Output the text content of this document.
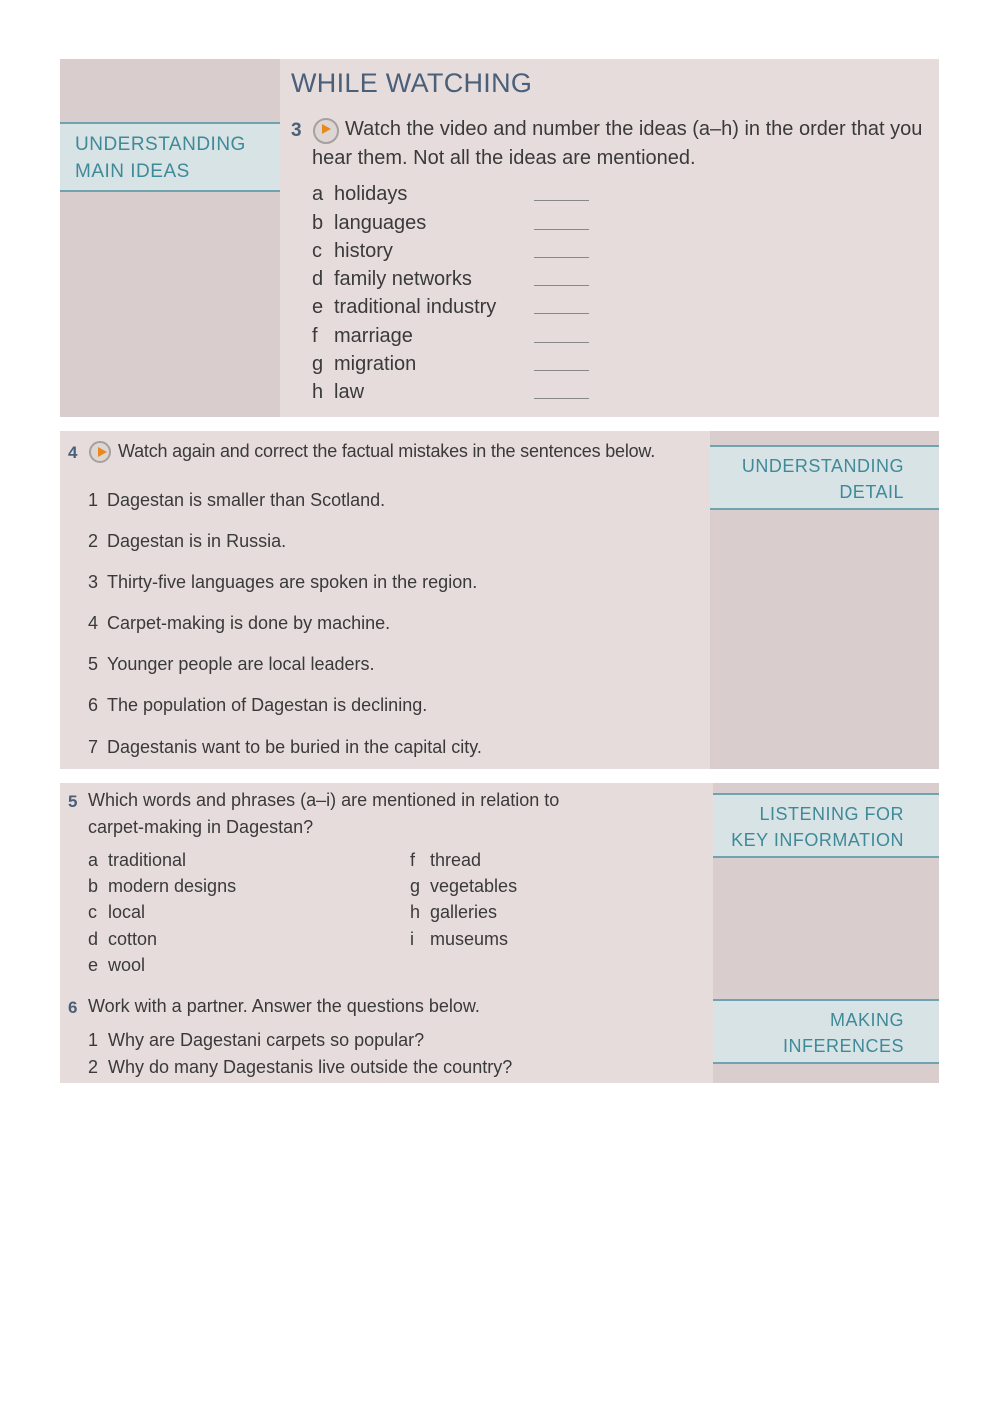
UNDERSTANDING
MAIN IDEAS
WHILE WATCHING
3 Watch the video and number the ideas (a–h) in the order that you
hear them. Not all the ideas are mentioned.
a holidays
b languages
c history
d family networks
e traditional industry
f marriage
g migration
h law
UNDERSTANDING
DETAIL
4 Watch again and correct the factual mistakes in the sentences below.
1 Dagestan is smaller than Scotland.
2 Dagestan is in Russia.
3 Thirty-five languages are spoken in the region.
4 Carpet-making is done by machine.
5 Younger people are local leaders.
6 The population of Dagestan is declining.
7 Dagestanis want to be buried in the capital city.
LISTENING FOR
KEY INFORMATION
MAKING
INFERENCES
5 Which words and phrases (a–i) are mentioned in relation to
carpet-making in Dagestan?
a traditional
b modern designs
c local
d cotton
e wool
f thread
g vegetables
h galleries
i museums
6 Work with a partner. Answer the questions below.
1 Why are Dagestani carpets so popular?
2 Why do many Dagestanis live outside the country?
